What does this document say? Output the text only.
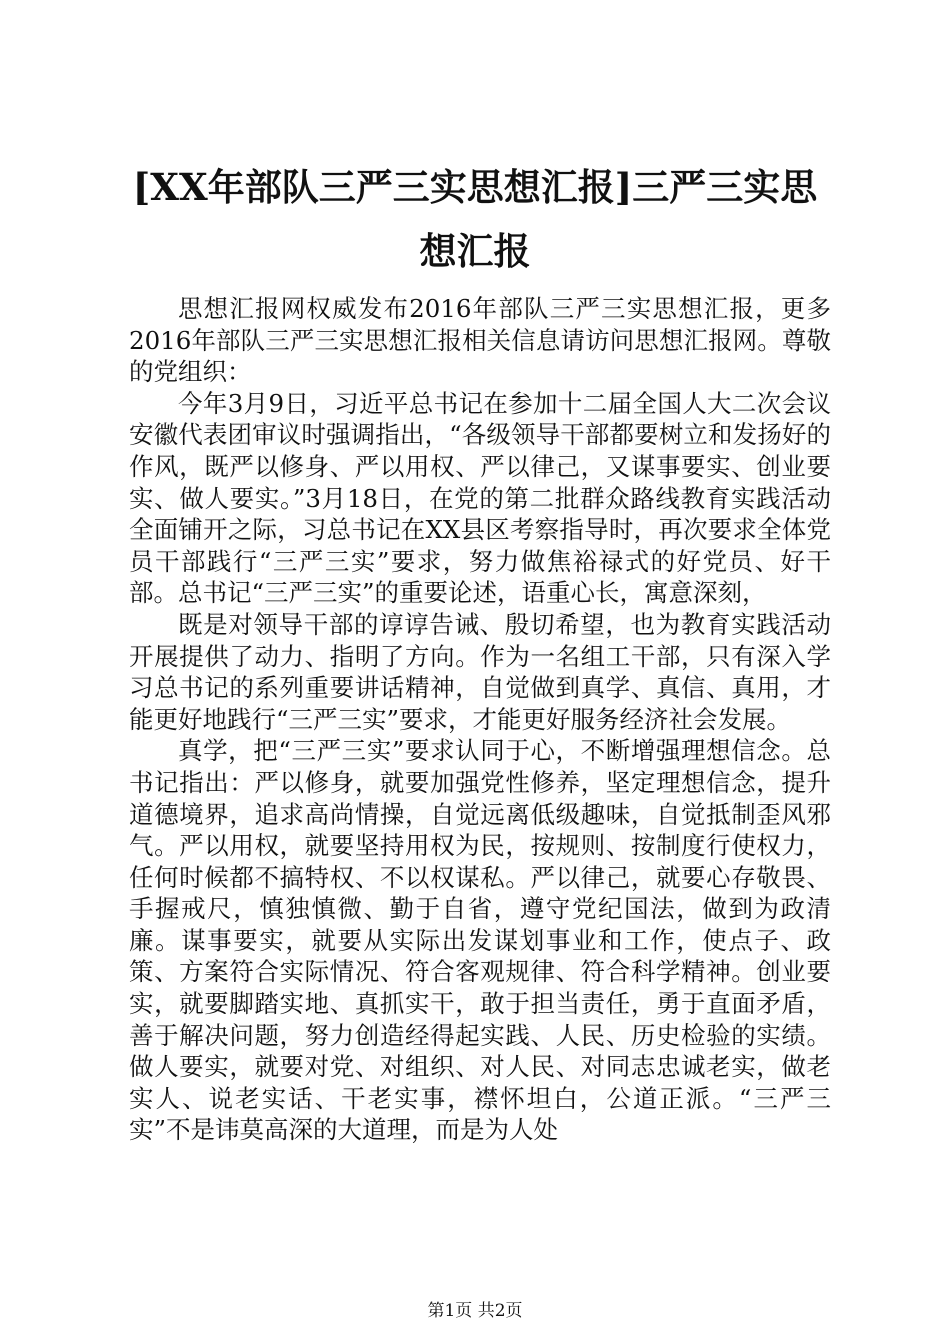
[XX年部队三严三实思想汇报]三严三实思想汇报

思想汇报网权威发布2016年部队三严三实思想汇报，更多2016年部队三严三实思想汇报相关信息请访问思想汇报网。尊敬的党组织：

今年3月9日，习近平总书记在参加十二届全国人大二次会议安徽代表团审议时强调指出，“各级领导干部都要树立和发扬好的作风，既严以修身、严以用权、严以律己，又谋事要实、创业要实、做人要实。”3月18日，在党的第二批群众路线教育实践活动全面铺开之际，习总书记在XX县区考察指导时，再次要求全体党员干部践行“三严三实”要求，努力做焦裕禄式的好党员、好干部。总书记“三严三实”的重要论述，语重心长，寓意深刻，

既是对领导干部的谆谆告诫、殷切希望，也为教育实践活动开展提供了动力、指明了方向。作为一名组工干部，只有深入学习总书记的系列重要讲话精神，自觉做到真学、真信、真用，才能更好地践行“三严三实”要求，才能更好服务经济社会发展。

真学，把“三严三实”要求认同于心，不断增强理想信念。总书记指出：严以修身，就要加强党性修养，坚定理想信念，提升道德境界，追求高尚情操，自觉远离低级趣味，自觉抵制歪风邪气。严以用权，就要坚持用权为民，按规则、按制度行使权力，任何时候都不搞特权、不以权谋私。严以律己，就要心存敬畏、手握戒尺，慎独慎微、勤于自省，遵守党纪国法，做到为政清廉。谋事要实，就要从实际出发谋划事业和工作，使点子、政策、方案符合实际情况、符合客观规律、符合科学精神。创业要实，就要脚踏实地、真抓实干，敢于担当责任，勇于直面矛盾，善于解决问题，努力创造经得起实践、人民、历史检验的实绩。做人要实，就要对党、对组织、对人民、对同志忠诚老实，做老实人、说老实话、干老实事，襟怀坦白，公道正派。“三严三实”不是讳莫高深的大道理，而是为人处

第1页 共2页
